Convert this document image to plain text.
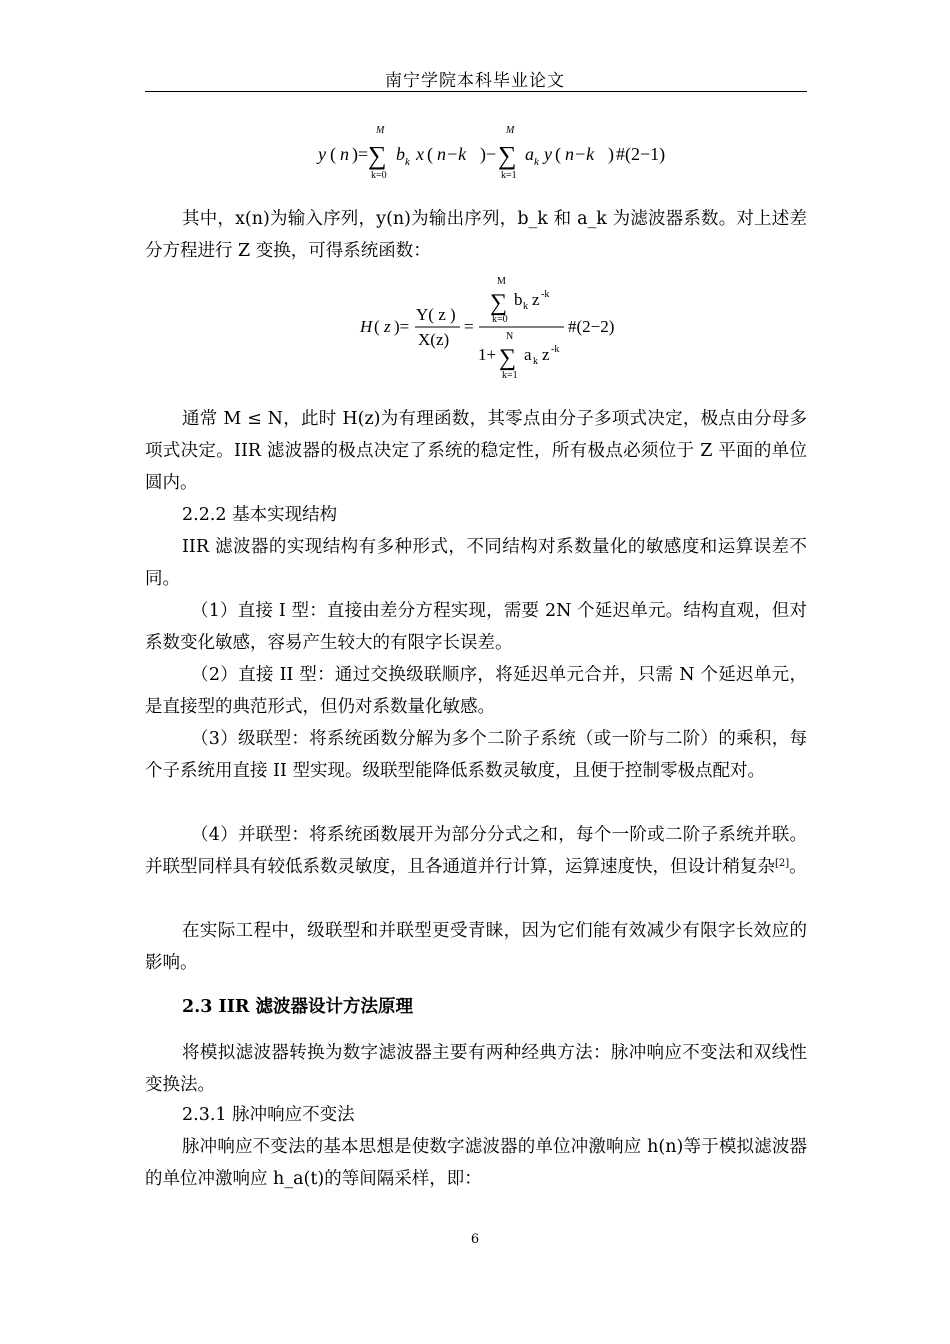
南宁学院本科毕业论文
y ( n )=
M
∑
k=0
b k x ( n−k )−
M
∑
k=1
a k y ( n−k ) #(2−1)
其中，x(n)为输入序列，y(n)为输出序列，b_k 和 a_k 为滤波器系数。对上述差分方程进行 Z 变换，可得系统函数：
H ( z )=
Y( z )
X(z)
=
M
∑
k=0
b k z -k
N
1+ ∑
k=1
a k z -k
#(2−2)
通常 M ≤ N，此时 H(z)为有理函数，其零点由分子多项式决定，极点由分母多项式决定。IIR 滤波器的极点决定了系统的稳定性，所有极点必须位于 Z 平面的单位圆内。
2.2.2 基本实现结构
IIR 滤波器的实现结构有多种形式，不同结构对系数量化的敏感度和运算误差不同。
（1）直接 I 型：直接由差分方程实现，需要 2N 个延迟单元。结构直观，但对系数变化敏感，容易产生较大的有限字长误差。
（2）直接 II 型：通过交换级联顺序，将延迟单元合并，只需 N 个延迟单元，是直接型的典范形式，但仍对系数量化敏感。
（3）级联型：将系统函数分解为多个二阶子系统（或一阶与二阶）的乘积，每个子系统用直接 II 型实现。级联型能降低系数灵敏度，且便于控制零极点配对。
（4）并联型：将系统函数展开为部分分式之和，每个一阶或二阶子系统并联。并联型同样具有较低系数灵敏度，且各通道并行计算，运算速度快，但设计稍复杂[2]。
在实际工程中，级联型和并联型更受青睐，因为它们能有效减少有限字长效应的影响。
2.3 IIR 滤波器设计方法原理
将模拟滤波器转换为数字滤波器主要有两种经典方法：脉冲响应不变法和双线性变换法。
2.3.1 脉冲响应不变法
脉冲响应不变法的基本思想是使数字滤波器的单位冲激响应 h(n)等于模拟滤波器的单位冲激响应 h_a(t)的等间隔采样，即：
6
